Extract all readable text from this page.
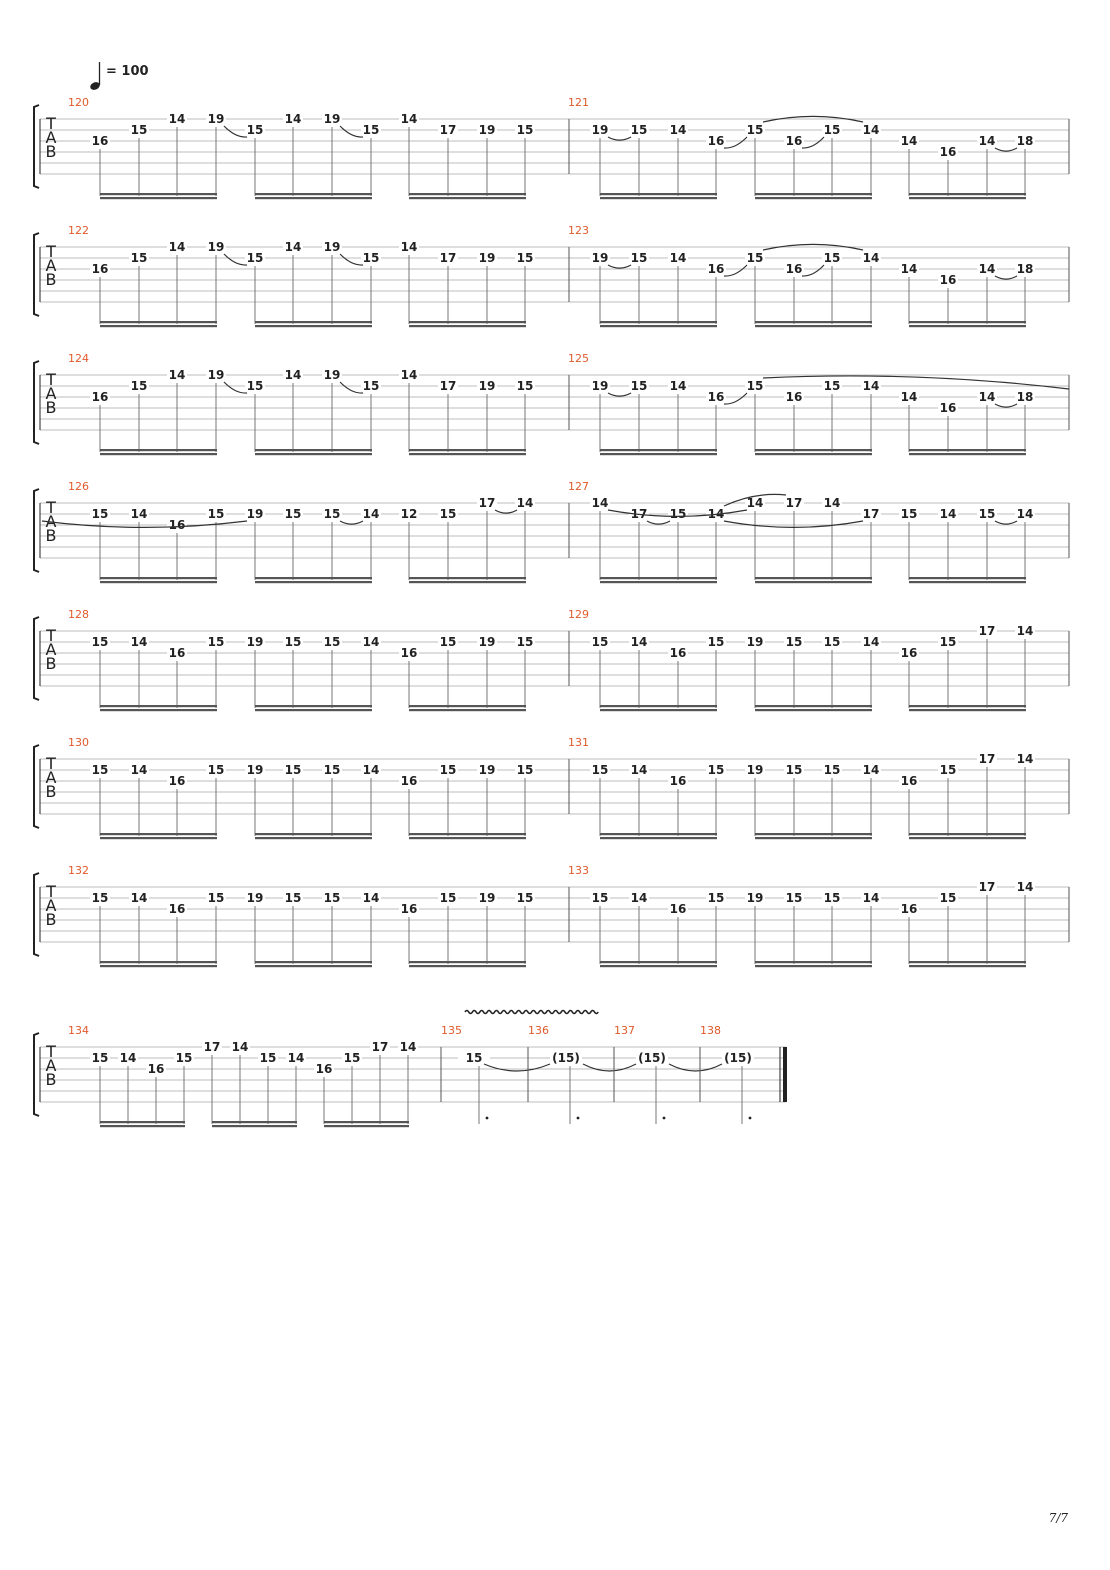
= 100
T
A
B
120	121
16
15
14 19
15
14 19
15
14
17 19 15	19 15 14
16
15
16
15 14
14
16
14 18
T
A
B
122	123
16
15
14 19
15
14 19
15
14
17 19 15	19 15 14
16
15
16
15 14
14
16
14 18
T
A
B
124	125
16
15
14 19
15
14 19
15
14
17 19 15	19 15 14
16
15
16
15 14
14
16
14 18
T
A
B
126	127
15 14
16
15 19 15 15 14 12 15
17 14	14
17 15 14
14 17 14
17 15 14 15 14
T
A
B
128	129
15 14
16
15 19 15 15 14
16
15 19 15	15 14
16
15 19 15 15 14
16
15
17 14
T
A
B
130	131
15 14
16
15 19 15 15 14
16
15 19 15	15 14
16
15 19 15 15 14
16
15
17 14
T
A
B
132	133
15 14
16
15 19 15 15 14
16
15 19 15	15 14
16
15 19 15 15 14
16
15
17 14
T
A
B
134
15 14
16
15
17 14
15 14
16
15
17 14
135
15
136
(15)
137
(15)
138
(15)
7/7
